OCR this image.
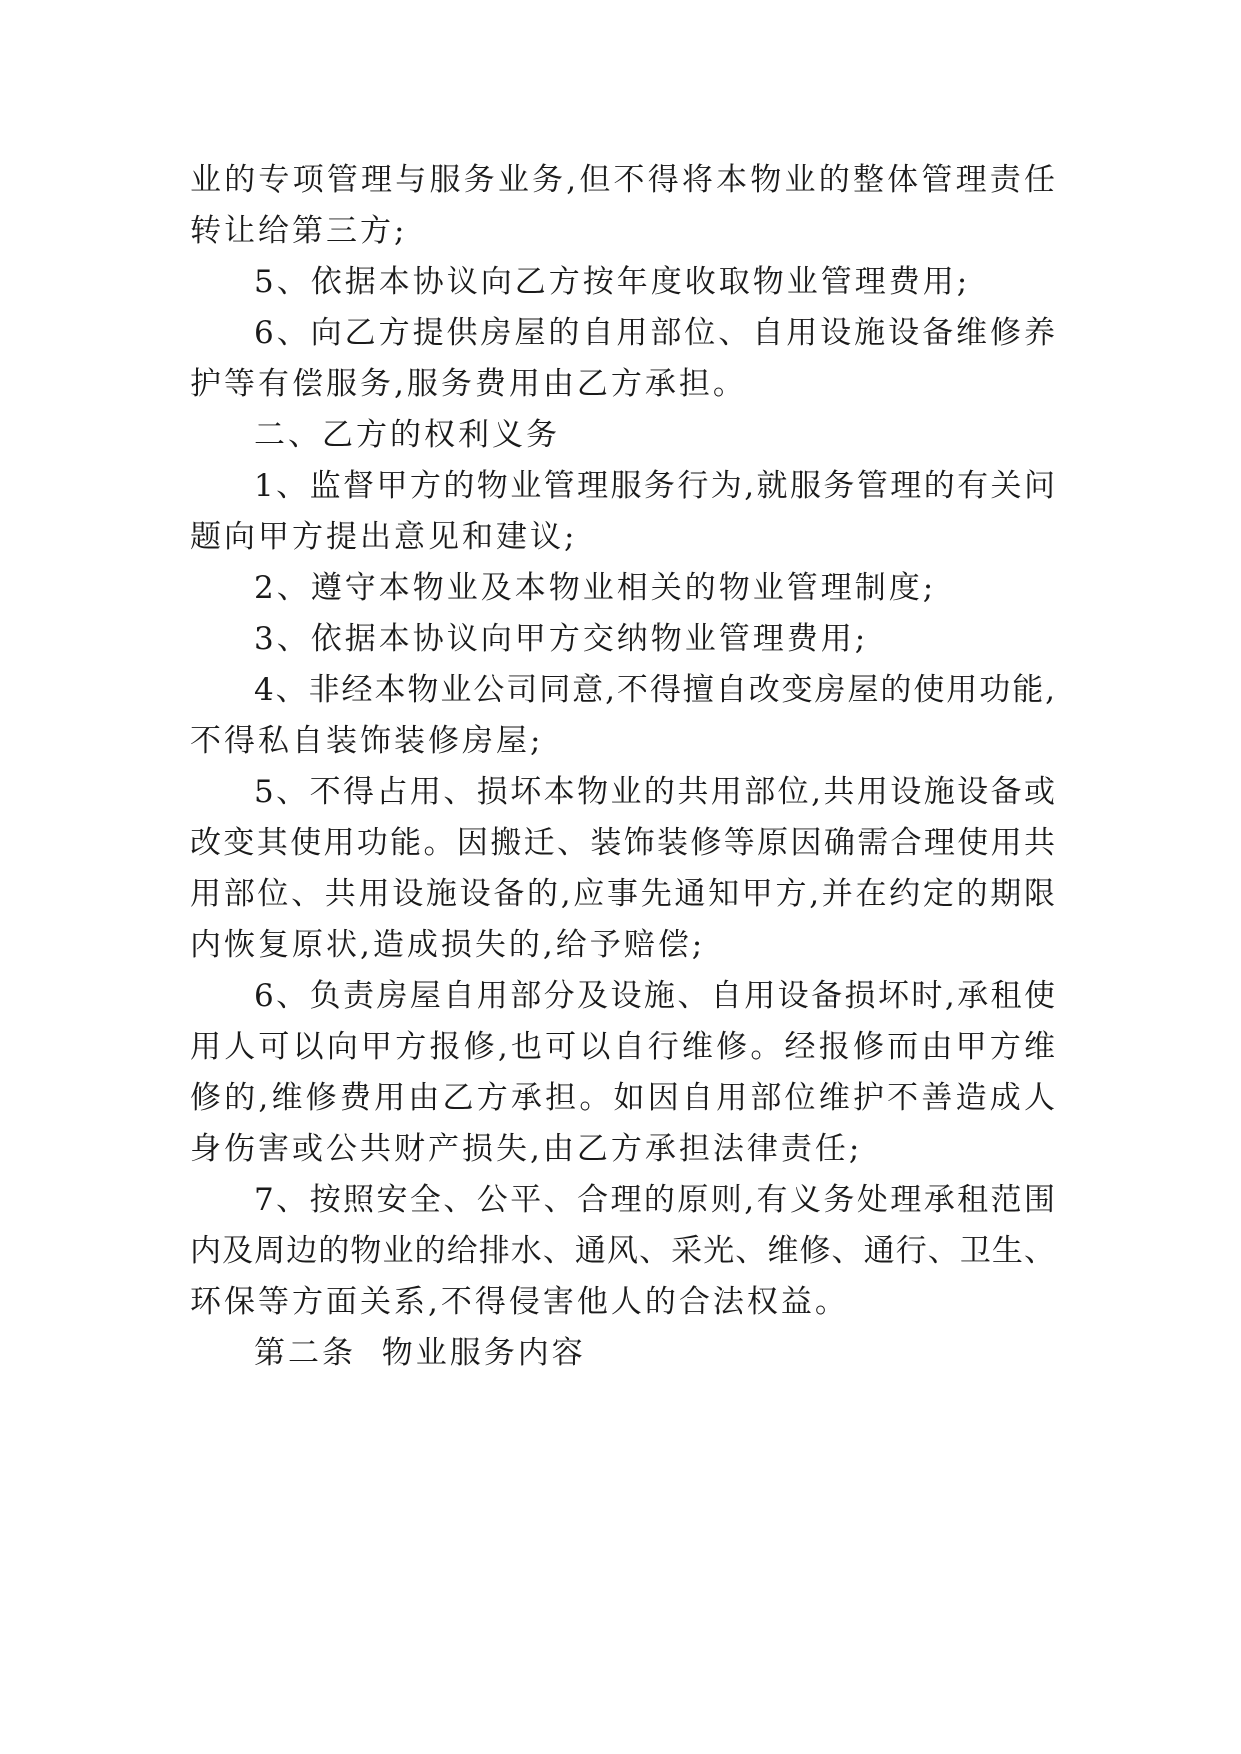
业的专项管理与服务业务,但不得将本物业的整体管理责任
转让给第三方;
5、依据本协议向乙方按年度收取物业管理费用;
6、向乙方提供房屋的自用部位、自用设施设备维修养
护等有偿服务,服务费用由乙方承担。
二、乙方的权利义务
1、监督甲方的物业管理服务行为,就服务管理的有关问
题向甲方提出意见和建议;
2、遵守本物业及本物业相关的物业管理制度;
3、依据本协议向甲方交纳物业管理费用;
4、非经本物业公司同意,不得擅自改变房屋的使用功能,
不得私自装饰装修房屋;
5、不得占用、损坏本物业的共用部位,共用设施设备或
改变其使用功能。因搬迁、装饰装修等原因确需合理使用共
用部位、共用设施设备的,应事先通知甲方,并在约定的期限
内恢复原状,造成损失的,给予赔偿;
6、负责房屋自用部分及设施、自用设备损坏时,承租使
用人可以向甲方报修,也可以自行维修。经报修而由甲方维
修的,维修费用由乙方承担。如因自用部位维护不善造成人
身伤害或公共财产损失,由乙方承担法律责任;
7、按照安全、公平、合理的原则,有义务处理承租范围
内及周边的物业的给排水、通风、采光、维修、通行、卫生、
环保等方面关系,不得侵害他人的合法权益。
第二条  物业服务内容
